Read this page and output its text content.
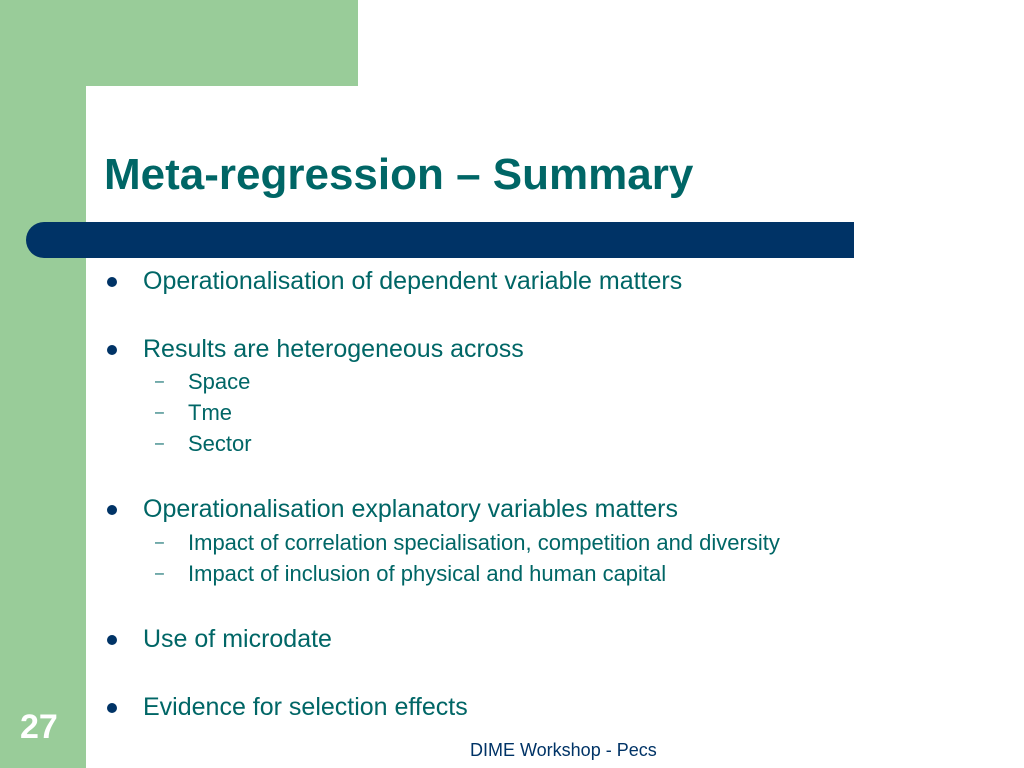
Meta-regression – Summary
Operationalisation of dependent variable matters
Results are heterogeneous across
– Space
– Tme
– Sector
Operationalisation explanatory variables matters
– Impact of correlation specialisation, competition and diversity
– Impact of inclusion of physical and human capital
Use of microdate
Evidence for selection effects
27
DIME Workshop - Pecs
